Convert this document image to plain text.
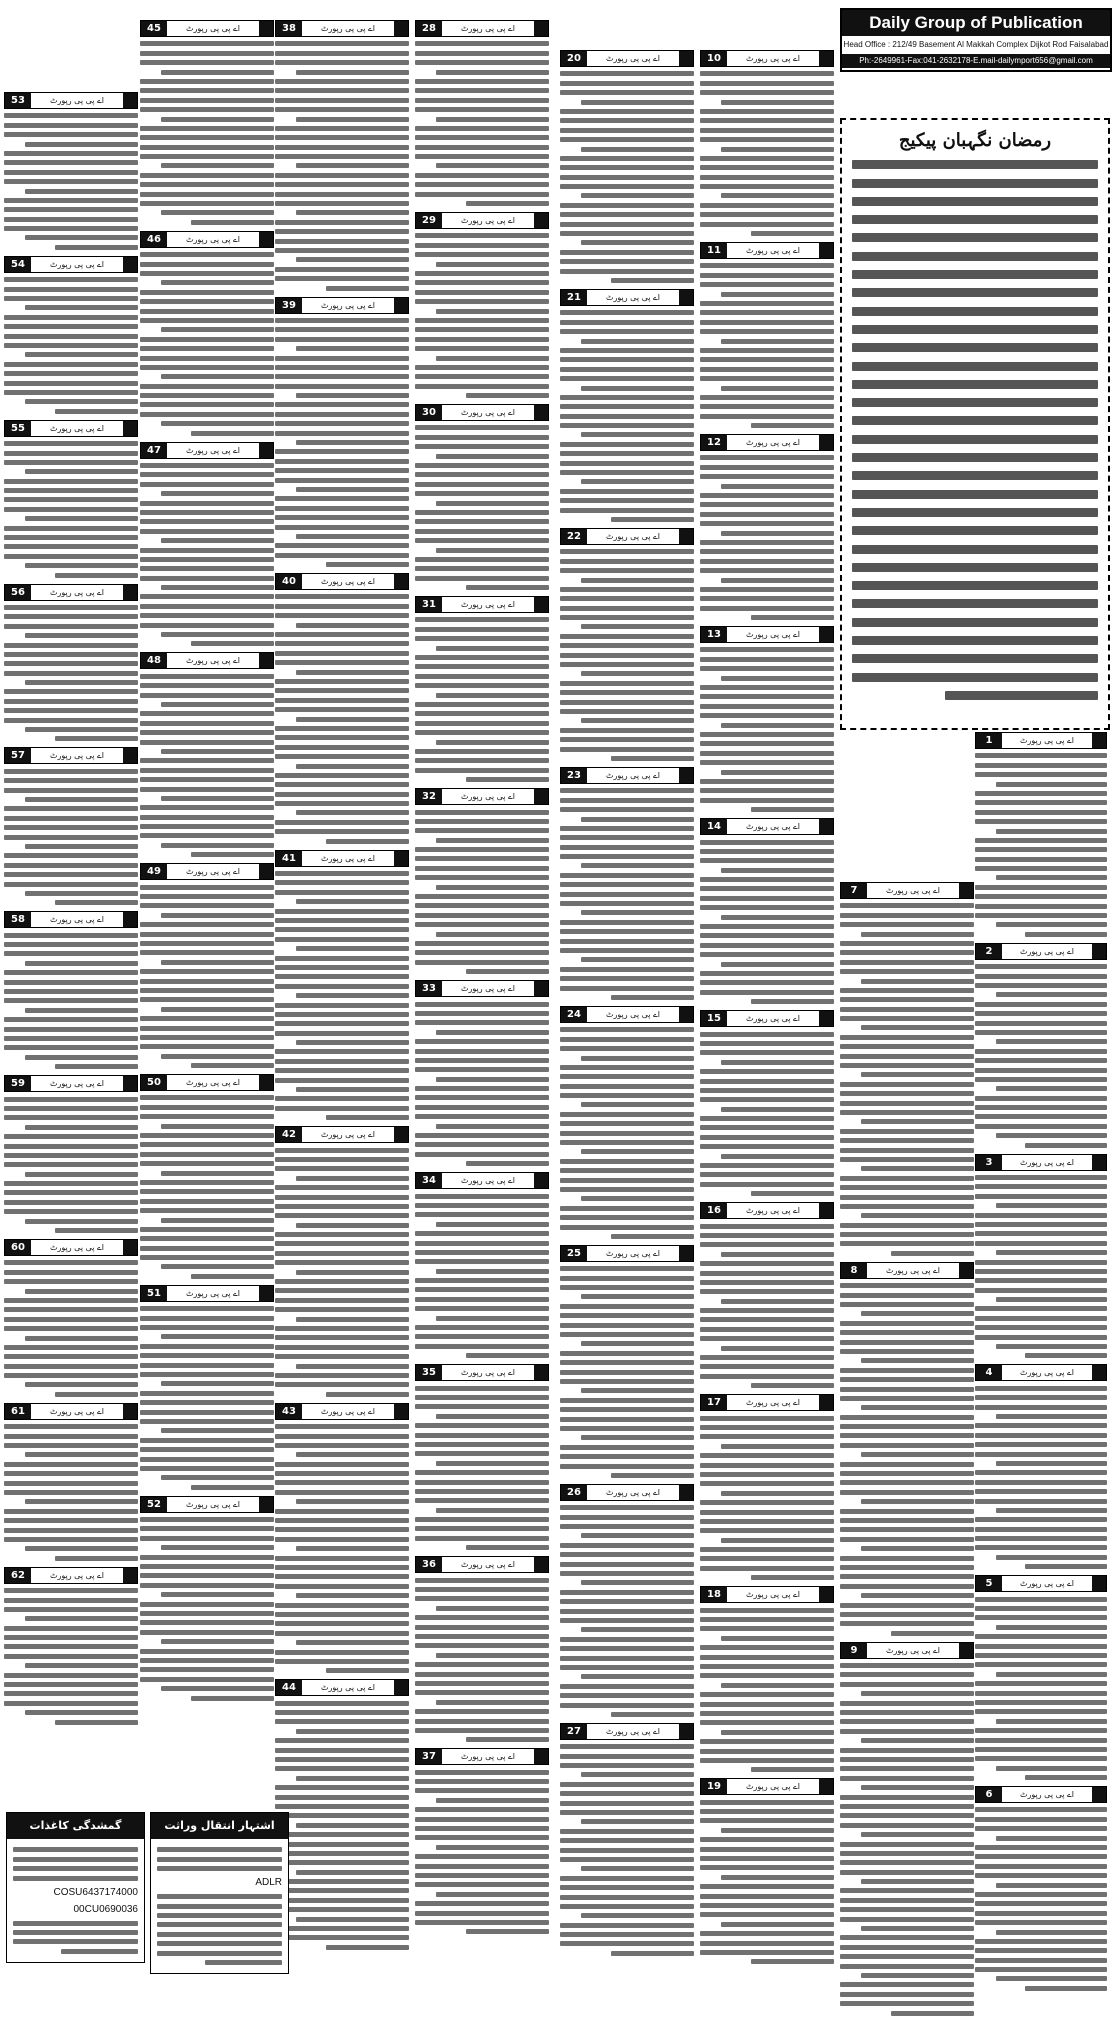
Daily Group of Publication
Head Office : 212/49 Basement Al Makkah Complex Dijkot Rod Faisalabad
Ph:-2649961-Fax:041-2632178-E.mail-dailymport656@gmail.com
رمضان نگہبان پیکیج
1	اے پی پی رپورٹ
2	اے پی پی رپورٹ
3	اے پی پی رپورٹ
4	اے پی پی رپورٹ
5	اے پی پی رپورٹ
6	اے پی پی رپورٹ
7	اے پی پی رپورٹ
8	اے پی پی رپورٹ
9	اے پی پی رپورٹ
10	اے پی پی رپورٹ
11	اے پی پی رپورٹ
12	اے پی پی رپورٹ
13	اے پی پی رپورٹ
14	اے پی پی رپورٹ
15	اے پی پی رپورٹ
16	اے پی پی رپورٹ
17	اے پی پی رپورٹ
18	اے پی پی رپورٹ
19	اے پی پی رپورٹ
20	اے پی پی رپورٹ
21	اے پی پی رپورٹ
22	اے پی پی رپورٹ
23	اے پی پی رپورٹ
24	اے پی پی رپورٹ
25	اے پی پی رپورٹ
26	اے پی پی رپورٹ
27	اے پی پی رپورٹ
28	اے پی پی رپورٹ
29	اے پی پی رپورٹ
30	اے پی پی رپورٹ
31	اے پی پی رپورٹ
32	اے پی پی رپورٹ
33	اے پی پی رپورٹ
34	اے پی پی رپورٹ
35	اے پی پی رپورٹ
36	اے پی پی رپورٹ
37	اے پی پی رپورٹ
38	اے پی پی رپورٹ
39	اے پی پی رپورٹ
40	اے پی پی رپورٹ
41	اے پی پی رپورٹ
42	اے پی پی رپورٹ
43	اے پی پی رپورٹ
44	اے پی پی رپورٹ
45	اے پی پی رپورٹ
46	اے پی پی رپورٹ
47	اے پی پی رپورٹ
48	اے پی پی رپورٹ
49	اے پی پی رپورٹ
50	اے پی پی رپورٹ
51	اے پی پی رپورٹ
52	اے پی پی رپورٹ
53	اے پی پی رپورٹ
54	اے پی پی رپورٹ
55	اے پی پی رپورٹ
56	اے پی پی رپورٹ
57	اے پی پی رپورٹ
58	اے پی پی رپورٹ
59	اے پی پی رپورٹ
60	اے پی پی رپورٹ
61	اے پی پی رپورٹ
62	اے پی پی رپورٹ
اشتہار انتقال وراثت
ADLR
گمشدگی کاغذات
COSU6437174000
00CU0690036
